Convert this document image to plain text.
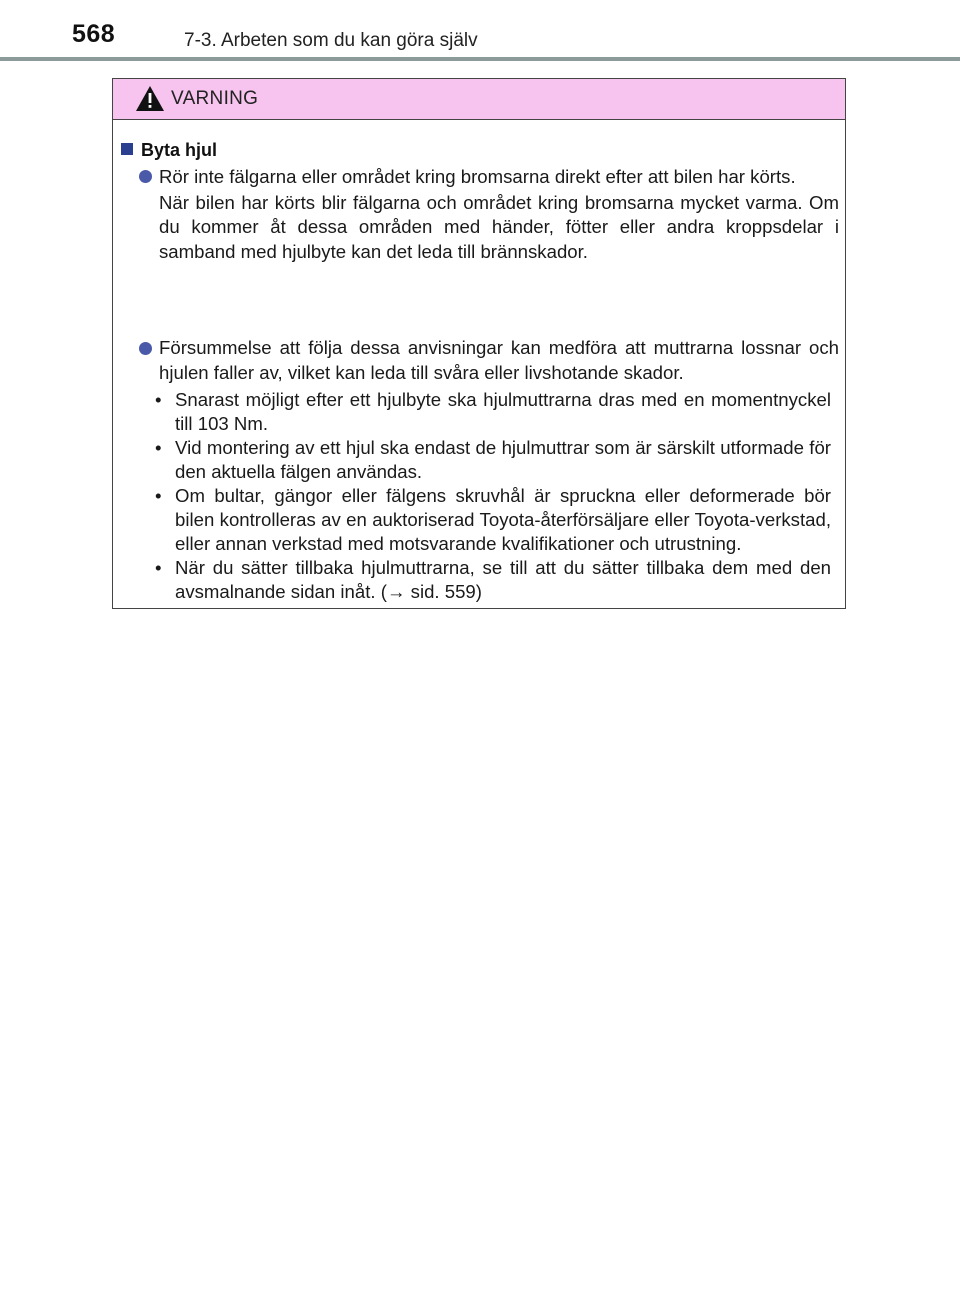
568	7-3. Arbeten som du kan göra själv
VARNING
Byta hjul

Rör inte fälgarna eller området kring bromsarna direkt efter att bilen har körts.

När bilen har körts blir fälgarna och området kring bromsarna mycket varma. Om du kommer åt dessa områden med händer, fötter eller andra kroppsdelar i samband med hjulbyte kan det leda till brännskador.

Försummelse att följa dessa anvisningar kan medföra att muttrarna lossnar och hjulen faller av, vilket kan leda till svåra eller livshotande skador.

• Snarast möjligt efter ett hjulbyte ska hjulmuttrarna dras med en momentnyckel till 103 Nm.
• Vid montering av ett hjul ska endast de hjulmuttrar som är särskilt utformade för den aktuella fälgen användas.
• Om bultar, gängor eller fälgens skruvhål är spruckna eller deformerade bör bilen kontrolleras av en auktoriserad Toyota-återförsäljare eller Toyota-verkstad, eller annan verkstad med motsvarande kvalifikationer och utrustning.
• När du sätter tillbaka hjulmuttrarna, se till att du sätter tillbaka dem med den avsmalnande sidan inåt. (→ sid. 559)
